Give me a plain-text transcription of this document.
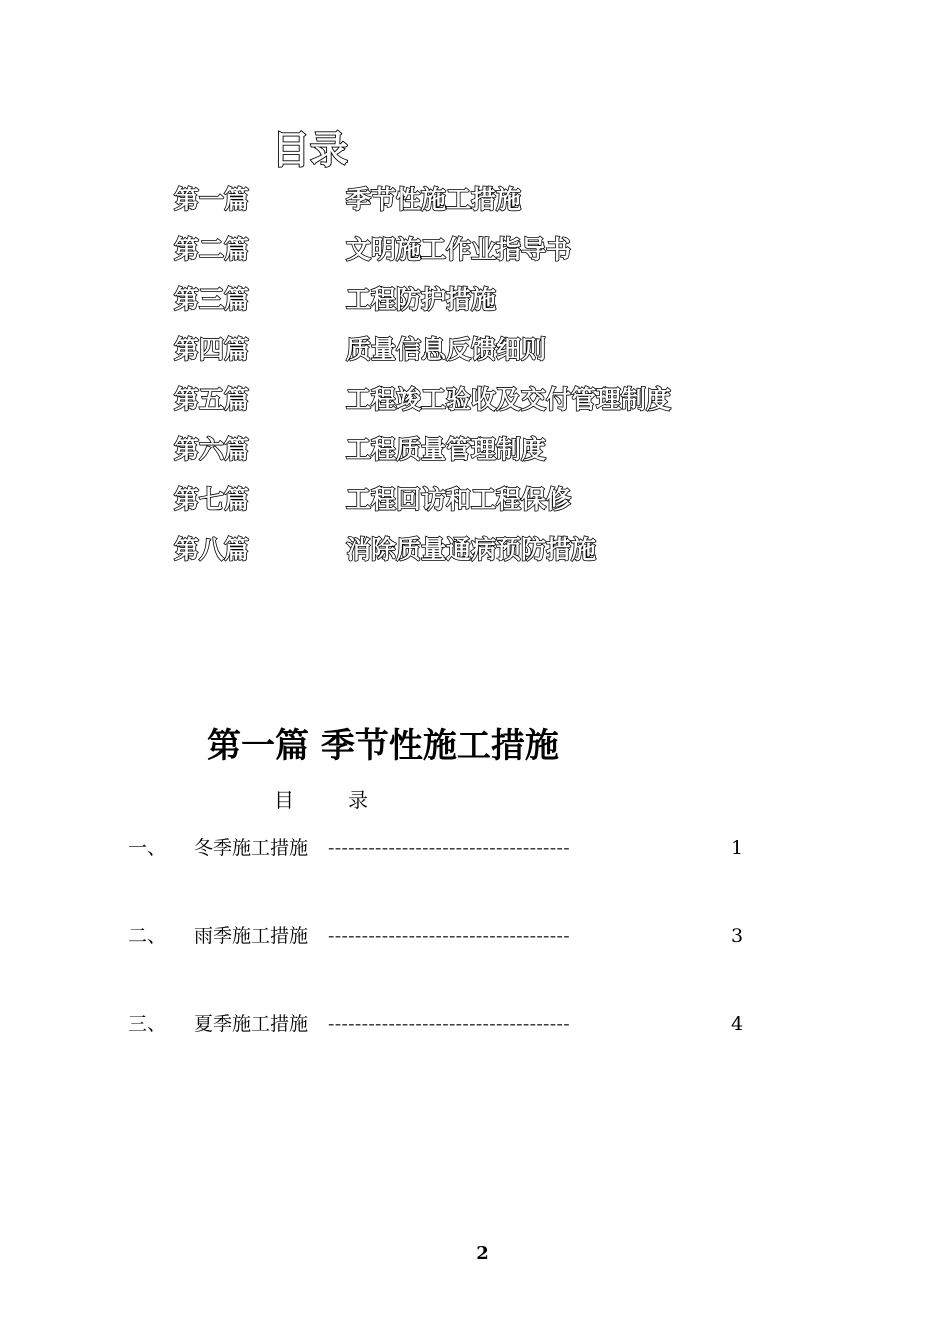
目录
第一篇	季节性施工措施
第二篇	文明施工作业指导书
第三篇	工程防护措施
第四篇	质量信息反馈细则
第五篇	工程竣工验收及交付管理制度
第六篇	工程质量管理制度
第七篇	工程回访和工程保修
第八篇	消除质量通病预防措施
第一篇 季节性施工措施
目	录
一、 冬季施工措施 ------------------------------------	1
二、 雨季施工措施 ------------------------------------	3
三、 夏季施工措施 ------------------------------------	4
2
